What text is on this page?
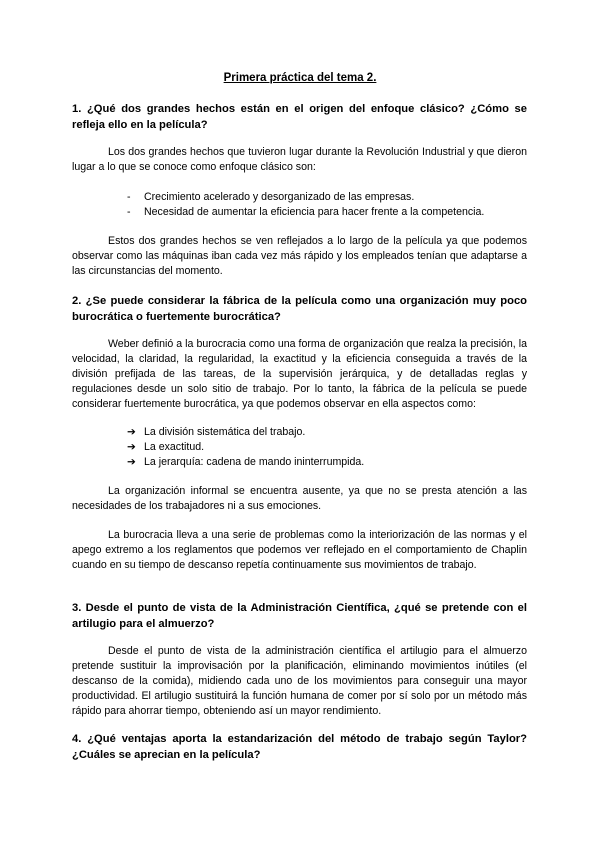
Primera práctica del tema 2.
1. ¿Qué dos grandes hechos están en el origen del enfoque clásico? ¿Cómo se refleja ello en la película?

Los dos grandes hechos que tuvieron lugar durante la Revolución Industrial y que dieron lugar a lo que se conoce como enfoque clásico son:

- Crecimiento acelerado y desorganizado de las empresas.
- Necesidad de aumentar la eficiencia para hacer frente a la competencia.

Estos dos grandes hechos se ven reflejados a lo largo de la película ya que podemos observar como las máquinas iban cada vez más rápido y los empleados tenían que adaptarse a las circunstancias del momento.

2. ¿Se puede considerar la fábrica de la película como una organización muy poco burocrática o fuertemente burocrática?

Weber definió a la burocracia como una forma de organización que realza la precisión, la velocidad, la claridad, la regularidad, la exactitud y la eficiencia conseguida a través de la división prefijada de las tareas, de la supervisión jerárquica, y de detalladas reglas y regulaciones desde un solo sitio de trabajo. Por lo tanto, la fábrica de la película se puede considerar fuertemente burocrática, ya que podemos observar en ella aspectos como:

➔ La división sistemática del trabajo.
➔ La exactitud.
➔ La jerarquía: cadena de mando ininterrumpida.

La organización informal se encuentra ausente, ya que no se presta atención a las necesidades de los trabajadores ni a sus emociones.

La burocracia lleva a una serie de problemas como la interiorización de las normas y el apego extremo a los reglamentos que podemos ver reflejado en el comportamiento de Chaplin cuando en su tiempo de descanso repetía continuamente sus movimientos de trabajo.

3. Desde el punto de vista de la Administración Científica, ¿qué se pretende con el artilugio para el almuerzo?

Desde el punto de vista de la administración científica el artilugio para el almuerzo pretende sustituir la improvisación por la planificación, eliminando movimientos inútiles (el descanso de la comida), midiendo cada uno de los movimientos para conseguir una mayor productividad. El artilugio sustituirá la función humana de comer por sí solo por un método más rápido para ahorrar tiempo, obteniendo así un mayor rendimiento.

4. ¿Qué ventajas aporta la estandarización del método de trabajo según Taylor? ¿Cuáles se aprecian en la película?
